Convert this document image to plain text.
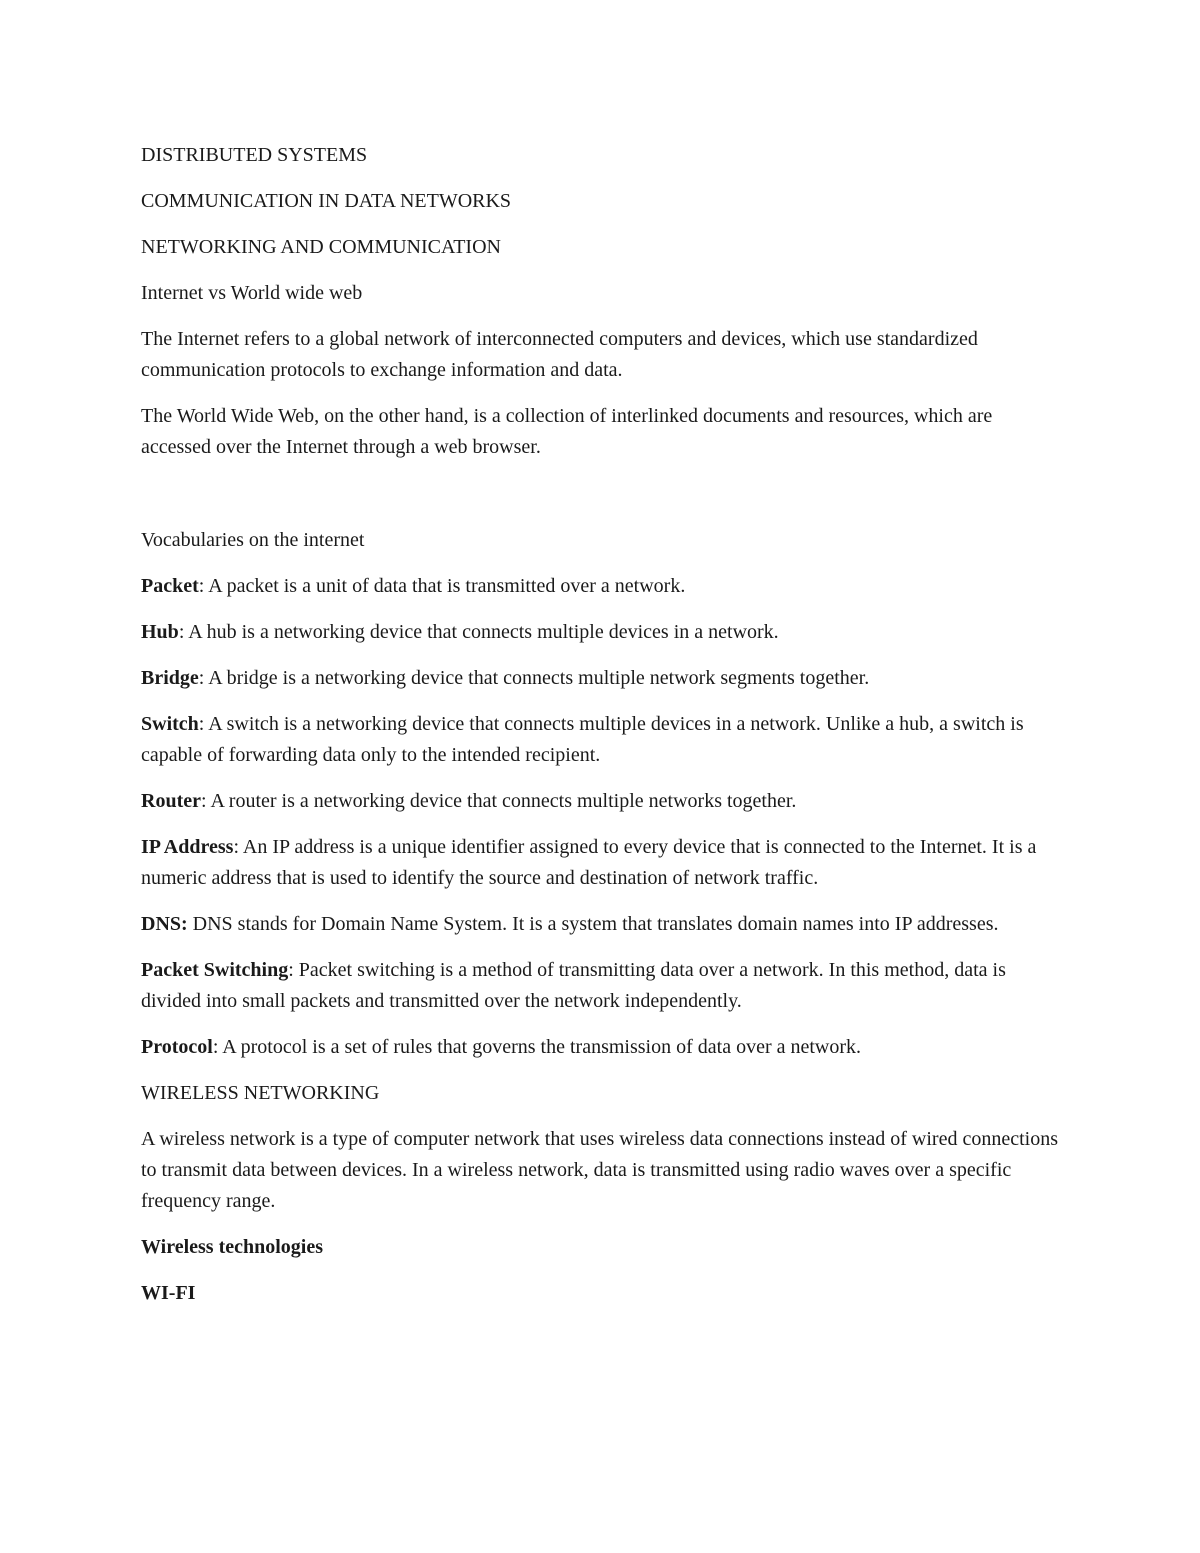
DISTRIBUTED SYSTEMS

COMMUNICATION IN DATA NETWORKS

NETWORKING AND COMMUNICATION

Internet vs World wide web

The Internet refers to a global network of interconnected computers and devices, which use standardized communication protocols to exchange information and data.

The World Wide Web, on the other hand, is a collection of interlinked documents and resources, which are accessed over the Internet through a web browser.

Vocabularies on the internet

Packet: A packet is a unit of data that is transmitted over a network.

Hub: A hub is a networking device that connects multiple devices in a network.

Bridge: A bridge is a networking device that connects multiple network segments together.

Switch: A switch is a networking device that connects multiple devices in a network. Unlike a hub, a switch is capable of forwarding data only to the intended recipient.

Router: A router is a networking device that connects multiple networks together.

IP Address: An IP address is a unique identifier assigned to every device that is connected to the Internet. It is a numeric address that is used to identify the source and destination of network traffic.

DNS: DNS stands for Domain Name System. It is a system that translates domain names into IP addresses.

Packet Switching: Packet switching is a method of transmitting data over a network. In this method, data is divided into small packets and transmitted over the network independently.

Protocol: A protocol is a set of rules that governs the transmission of data over a network.

WIRELESS NETWORKING

A wireless network is a type of computer network that uses wireless data connections instead of wired connections to transmit data between devices. In a wireless network, data is transmitted using radio waves over a specific frequency range.

Wireless technologies

WI-FI
